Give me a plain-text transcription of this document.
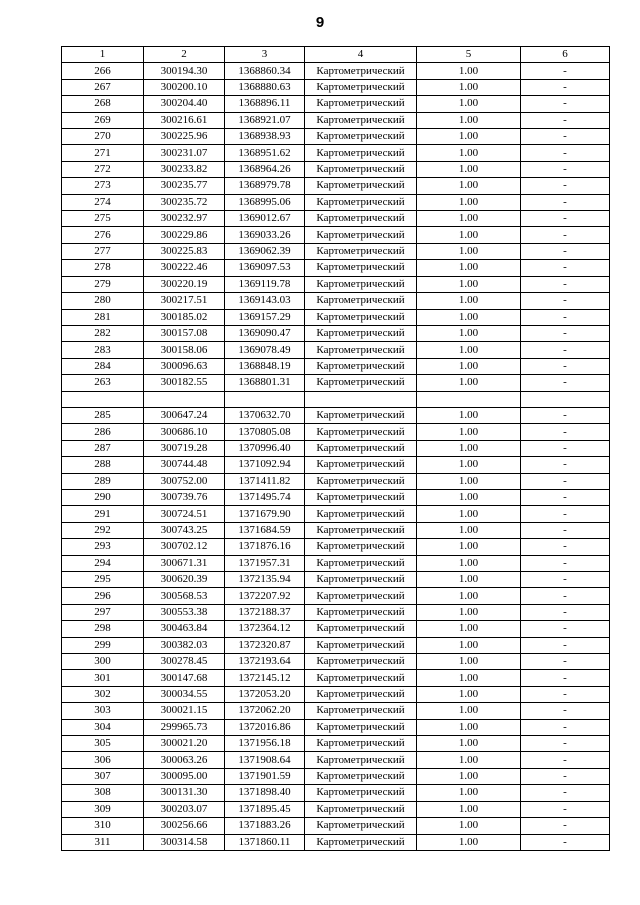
9
1	2	3	4	5	6
266	300194.30	1368860.34	Картометрический	1.00	-
267	300200.10	1368880.63	Картометрический	1.00	-
268	300204.40	1368896.11	Картометрический	1.00	-
269	300216.61	1368921.07	Картометрический	1.00	-
270	300225.96	1368938.93	Картометрический	1.00	-
271	300231.07	1368951.62	Картометрический	1.00	-
272	300233.82	1368964.26	Картометрический	1.00	-
273	300235.77	1368979.78	Картометрический	1.00	-
274	300235.72	1368995.06	Картометрический	1.00	-
275	300232.97	1369012.67	Картометрический	1.00	-
276	300229.86	1369033.26	Картометрический	1.00	-
277	300225.83	1369062.39	Картометрический	1.00	-
278	300222.46	1369097.53	Картометрический	1.00	-
279	300220.19	1369119.78	Картометрический	1.00	-
280	300217.51	1369143.03	Картометрический	1.00	-
281	300185.02	1369157.29	Картометрический	1.00	-
282	300157.08	1369090.47	Картометрический	1.00	-
283	300158.06	1369078.49	Картометрический	1.00	-
284	300096.63	1368848.19	Картометрический	1.00	-
263	300182.55	1368801.31	Картометрический	1.00	-

285	300647.24	1370632.70	Картометрический	1.00	-
286	300686.10	1370805.08	Картометрический	1.00	-
287	300719.28	1370996.40	Картометрический	1.00	-
288	300744.48	1371092.94	Картометрический	1.00	-
289	300752.00	1371411.82	Картометрический	1.00	-
290	300739.76	1371495.74	Картометрический	1.00	-
291	300724.51	1371679.90	Картометрический	1.00	-
292	300743.25	1371684.59	Картометрический	1.00	-
293	300702.12	1371876.16	Картометрический	1.00	-
294	300671.31	1371957.31	Картометрический	1.00	-
295	300620.39	1372135.94	Картометрический	1.00	-
296	300568.53	1372207.92	Картометрический	1.00	-
297	300553.38	1372188.37	Картометрический	1.00	-
298	300463.84	1372364.12	Картометрический	1.00	-
299	300382.03	1372320.87	Картометрический	1.00	-
300	300278.45	1372193.64	Картометрический	1.00	-
301	300147.68	1372145.12	Картометрический	1.00	-
302	300034.55	1372053.20	Картометрический	1.00	-
303	300021.15	1372062.20	Картометрический	1.00	-
304	299965.73	1372016.86	Картометрический	1.00	-
305	300021.20	1371956.18	Картометрический	1.00	-
306	300063.26	1371908.64	Картометрический	1.00	-
307	300095.00	1371901.59	Картометрический	1.00	-
308	300131.30	1371898.40	Картометрический	1.00	-
309	300203.07	1371895.45	Картометрический	1.00	-
310	300256.66	1371883.26	Картометрический	1.00	-
311	300314.58	1371860.11	Картометрический	1.00	-
